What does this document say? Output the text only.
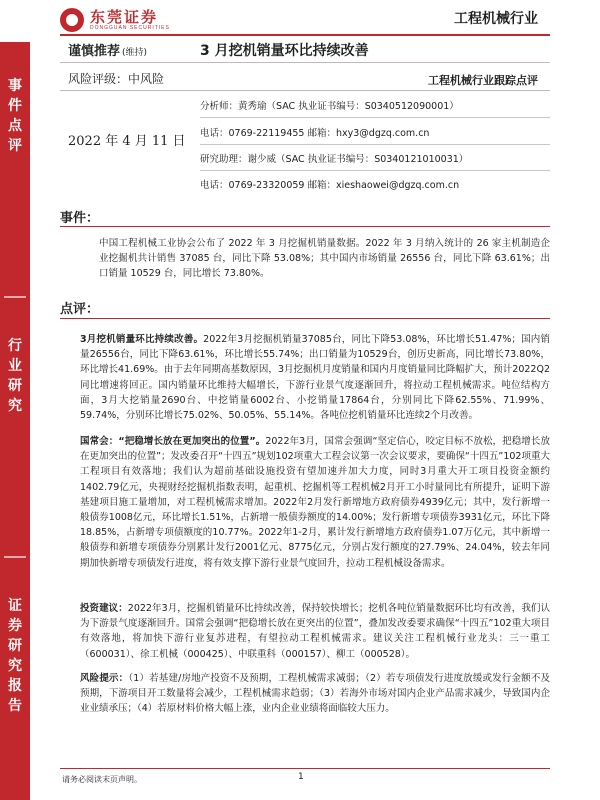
东莞证券
DONGGUAN SECURITIES
工程机械行业
事
件
点
评
行
业
研
究
证
券
研
究
报
告
谨慎推荐 (维持)	3 月挖机销量环比持续改善
风险评级：中风险	工程机械行业跟踪点评
2022 年 4 月 11 日
分析师：黄秀瑜（SAC 执业证书编号：S0340512090001）
电话：0769-22119455 邮箱：hxy3@dgzq.com.cn
研究助理：谢少威（SAC 执业证书编号：S0340121010031）
电话：0769-23320059 邮箱：xieshaowei@dgzq.com.cn
事件：
中国工程机械工业协会公布了 2022 年 3 月挖掘机销量数据。2022 年 3 月纳入统计的 26 家主机制造企业挖掘机共计销售 37085 台，同比下降 53.08%；其中国内市场销量 26556 台，同比下降 63.61%；出口销量 10529 台，同比增长 73.80%。
点评：
3月挖机销量环比持续改善。2022年3月挖掘机销量37085台，同比下降53.08%，环比增长51.47%；国内销量26556台，同比下降63.61%，环比增长55.74%；出口销量为10529台，创历史新高，同比增长73.80%，环比增长41.69%。由于去年同期高基数原因，3月挖掘机月度销量和国内月度销量同比降幅扩大，预计2022Q2同比增速将回正。国内销量环比维持大幅增长，下游行业景气度逐渐回升，将拉动工程机械需求。吨位结构方面，3月大挖销量2690台、中挖销量6002台、小挖销量17864台，分别同比下降62.55%、71.99%、59.74%，分别环比增长75.02%、50.05%、55.14%。各吨位挖机销量环比连续2个月改善。
国常会：“把稳增长放在更加突出的位置”。2022年3月，国常会强调“坚定信心，咬定目标不放松，把稳增长放在更加突出的位置”；发改委召开“十四五”规划102项重大工程会议第一次会议要求，要确保“十四五”102项重大工程项目有效落地；我们认为超前基础设施投资有望加速并加大力度，同时3月重大开工项目投资金额约1402.79亿元，央视财经挖掘机指数表明，起重机、挖掘机等工程机械2月开工小时量同比有所提升，证明下游基建项目施工量增加，对工程机械需求增加。2022年2月发行新增地方政府债券4939亿元；其中，发行新增一般债券1008亿元，环比增长1.51%，占新增一般债券额度的14.00%；发行新增专项债券3931亿元，环比下降18.85%，占新增专项债额度的10.77%。2022年1-2月，累计发行新增地方政府债券1.07万亿元，其中新增一般债券和新增专项债券分别累计发行2001亿元、8775亿元，分别占发行额度的27.79%、24.04%，较去年同期加快新增专项债发行进度，将有效支撑下游行业景气度回升，拉动工程机械设备需求。
投资建议：2022年3月，挖掘机销量环比持续改善，保持较快增长；挖机各吨位销量数据环比均有改善，我们认为下游景气度逐渐回升。国常会强调“把稳增长放在更突出的位置”，叠加发改委要求确保“十四五”102重大项目有效落地，将加快下游行业复苏进程，有望拉动工程机械需求。建议关注工程机械行业龙头：三一重工（600031）、徐工机械（000425）、中联重科（000157）、柳工（000528）。
风险提示：（1）若基建/房地产投资不及预期，工程机械需求减弱；（2）若专项债发行进度放缓或发行金额不及预期，下游项目开工数量将会减少，工程机械需求趋弱；（3）若海外市场对国内企业产品需求减少，导致国内企业业绩承压；（4）若原材料价格大幅上涨，业内企业业绩将面临较大压力。
请务必阅读末页声明。	1
